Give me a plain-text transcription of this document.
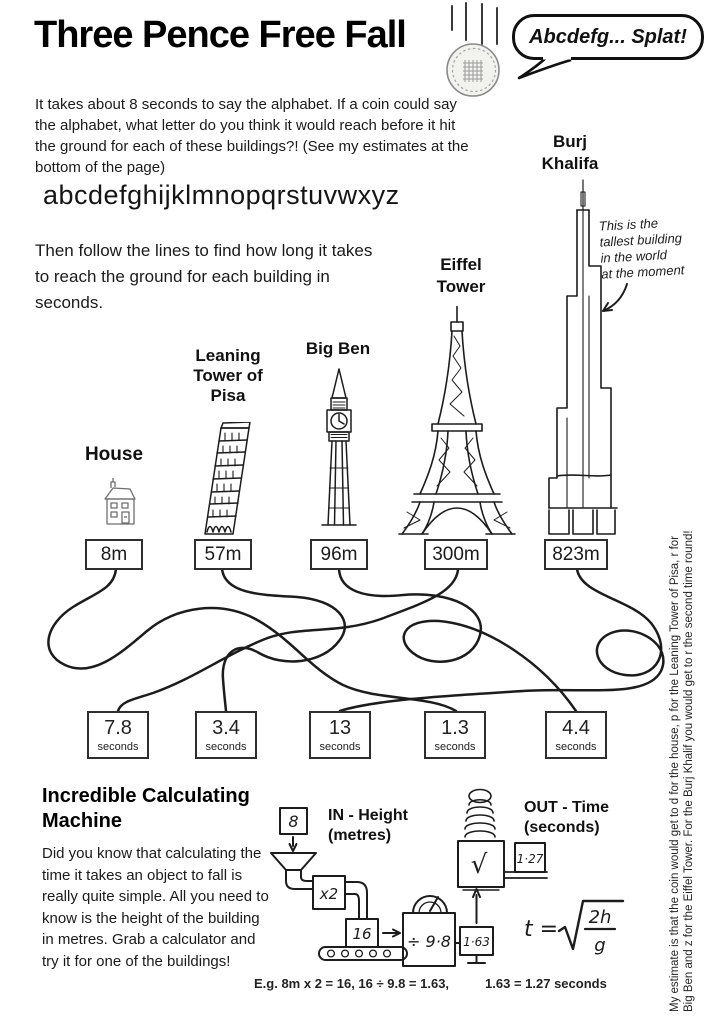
Three Pence Free Fall	Abcdefg... Splat!
It takes about 8 seconds to say the alphabet. If a coin could say the alphabet, what letter do you think it would reach before it hit the ground for each of these buildings?! (See my estimates at the bottom of the page)
abcdefghijklmnopqrstuvwxyz
Then follow the lines to find how long it takes to reach the ground for each building in seconds.
House
Leaning
Tower of
Pisa
Big Ben
Eiffel
Tower
Burj
Khalifa
This is the
tallest building
in the world
at the moment
8m	57m	96m	300m	823m
7.8
seconds
3.4
seconds
13
seconds
1.3
seconds
4.4
seconds
Incredible Calculating Machine
Did you know that calculating the time it takes an object to fall is really quite simple. All you need to know is the height of the building in metres. Grab a calculator and try it for one of the buildings!
IN - Height
(metres)
OUT - Time
(seconds)
8
x2
16 ÷ 9·8 1·63
√ 1·27
t = 2h
g
E.g. 8m x 2 = 16, 16 ÷ 9.8 = 1.63,	1.63 = 1.27 seconds	My estimate is that the coin would get to d for the house, p for the Leaning Tower of Pisa, r for Big Ben and z for the Eiffel Tower. For the Burj Khalif you would get to r the second time round!
